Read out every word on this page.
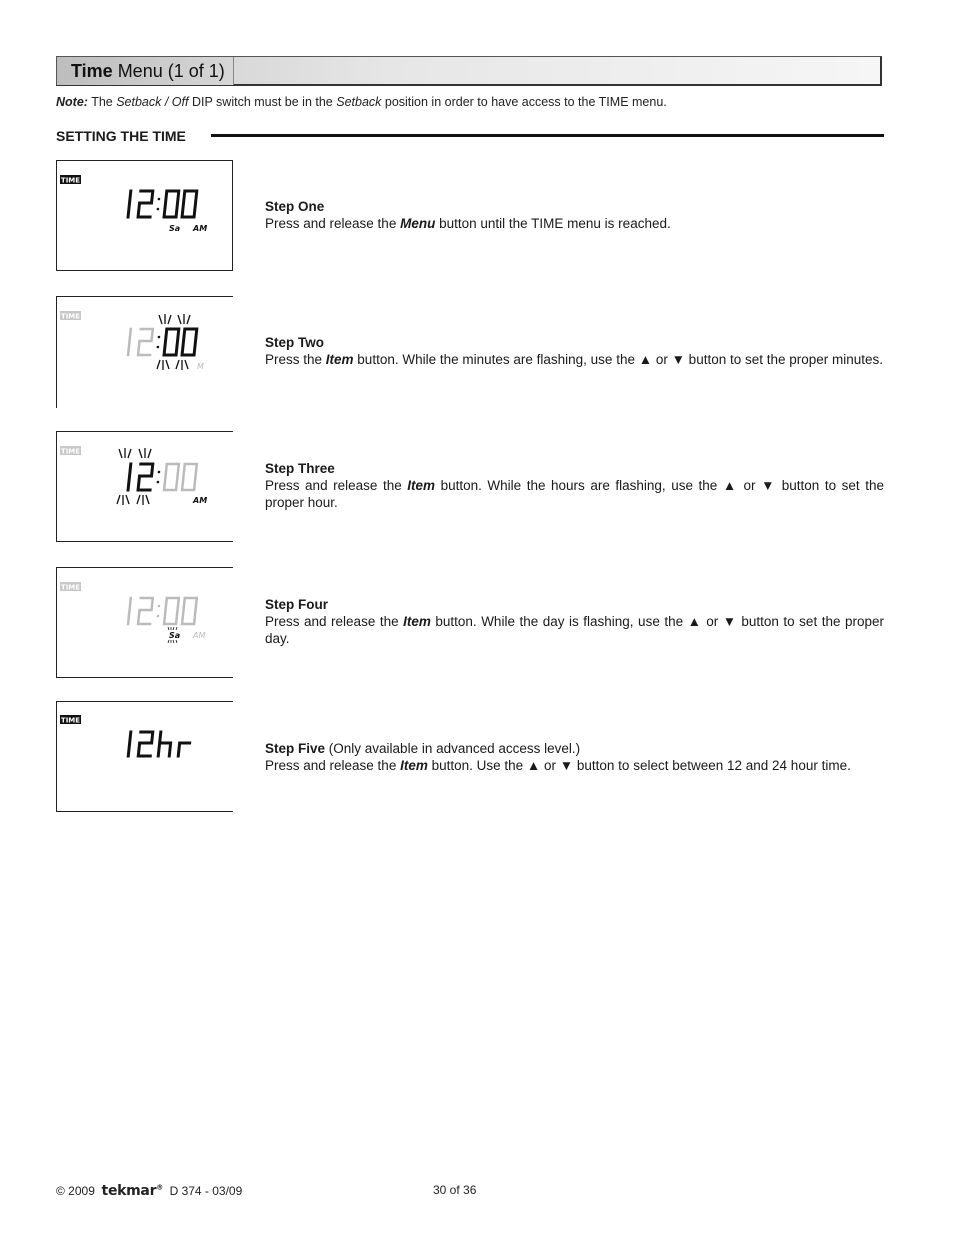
Time Menu (1 of 1)
Note: The Setback / Off DIP switch must be in the Setback position in order to have access to the TIME menu.
SETTING THE TIME
TIME
Sa AM
Step One
Press and release the Menu button until the TIME menu is reached.
TIME
M
Step Two
Press the Item button. While the minutes are flashing, use the ▲ or ▼ button to set the proper minutes.
TIME
AM
Step Three
Press and release the Item button. While the hours are flashing, use the ▲ or ▼ button to set the proper hour.
TIME
Sa AM
Step Four
Press and release the Item button. While the day is flashing, use the ▲ or ▼ button to set the proper day.
TIME
12hr
Step Five (Only available in advanced access level.)
Press and release the Item button. Use the ▲ or ▼ button to select between 12 and 24 hour time.
© 2009 tekmar® D 374 - 03/09	30 of 36
